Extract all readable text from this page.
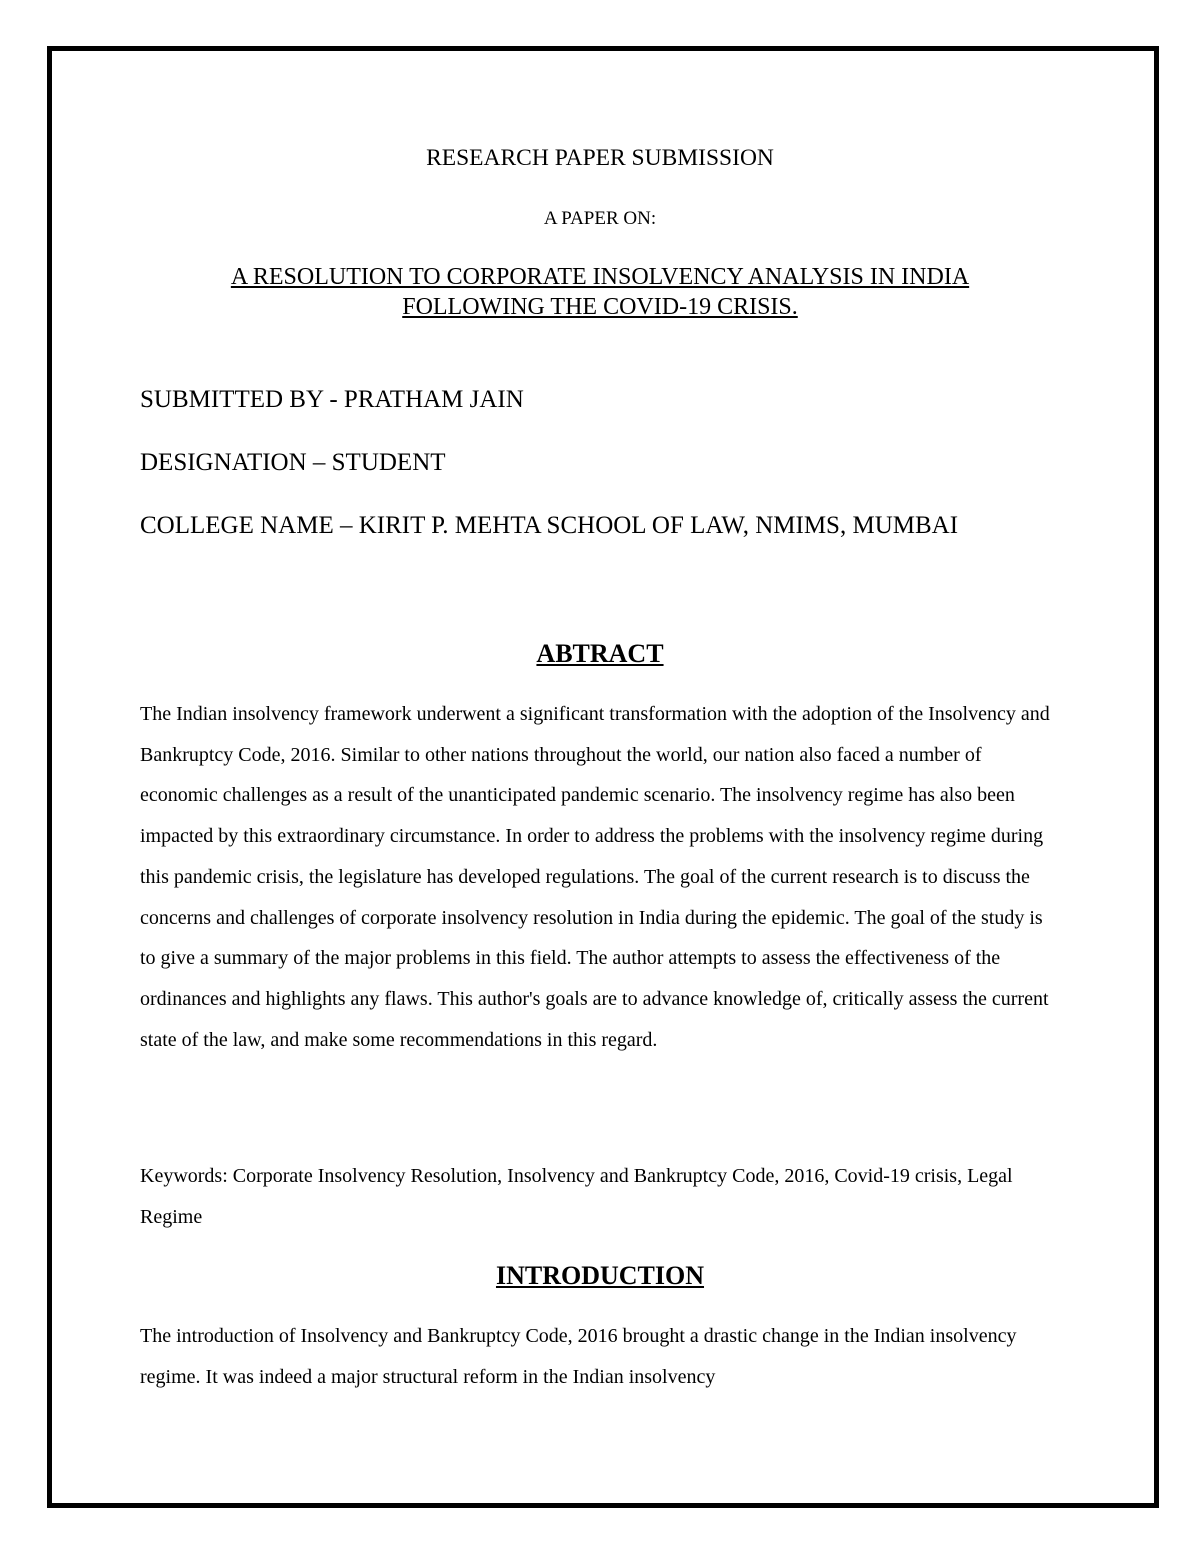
RESEARCH PAPER SUBMISSION

A PAPER ON:

A RESOLUTION TO CORPORATE INSOLVENCY ANALYSIS IN INDIA
FOLLOWING THE COVID-19 CRISIS.

SUBMITTED BY - PRATHAM JAIN

DESIGNATION – STUDENT

COLLEGE NAME – KIRIT P. MEHTA SCHOOL OF LAW, NMIMS, MUMBAI

ABTRACT

The Indian insolvency framework underwent a significant transformation with the adoption of the Insolvency and Bankruptcy Code, 2016. Similar to other nations throughout the world, our nation also faced a number of economic challenges as a result of the unanticipated pandemic scenario. The insolvency regime has also been impacted by this extraordinary circumstance. In order to address the problems with the insolvency regime during this pandemic crisis, the legislature has developed regulations. The goal of the current research is to discuss the concerns and challenges of corporate insolvency resolution in India during the epidemic. The goal of the study is to give a summary of the major problems in this field. The author attempts to assess the effectiveness of the ordinances and highlights any flaws. This author's goals are to advance knowledge of, critically assess the current state of the law, and make some recommendations in this regard.

Keywords: Corporate Insolvency Resolution, Insolvency and Bankruptcy Code, 2016, Covid-19 crisis, Legal Regime

INTRODUCTION

The introduction of Insolvency and Bankruptcy Code, 2016 brought a drastic change in the Indian insolvency regime. It was indeed a major structural reform in the Indian insolvency
